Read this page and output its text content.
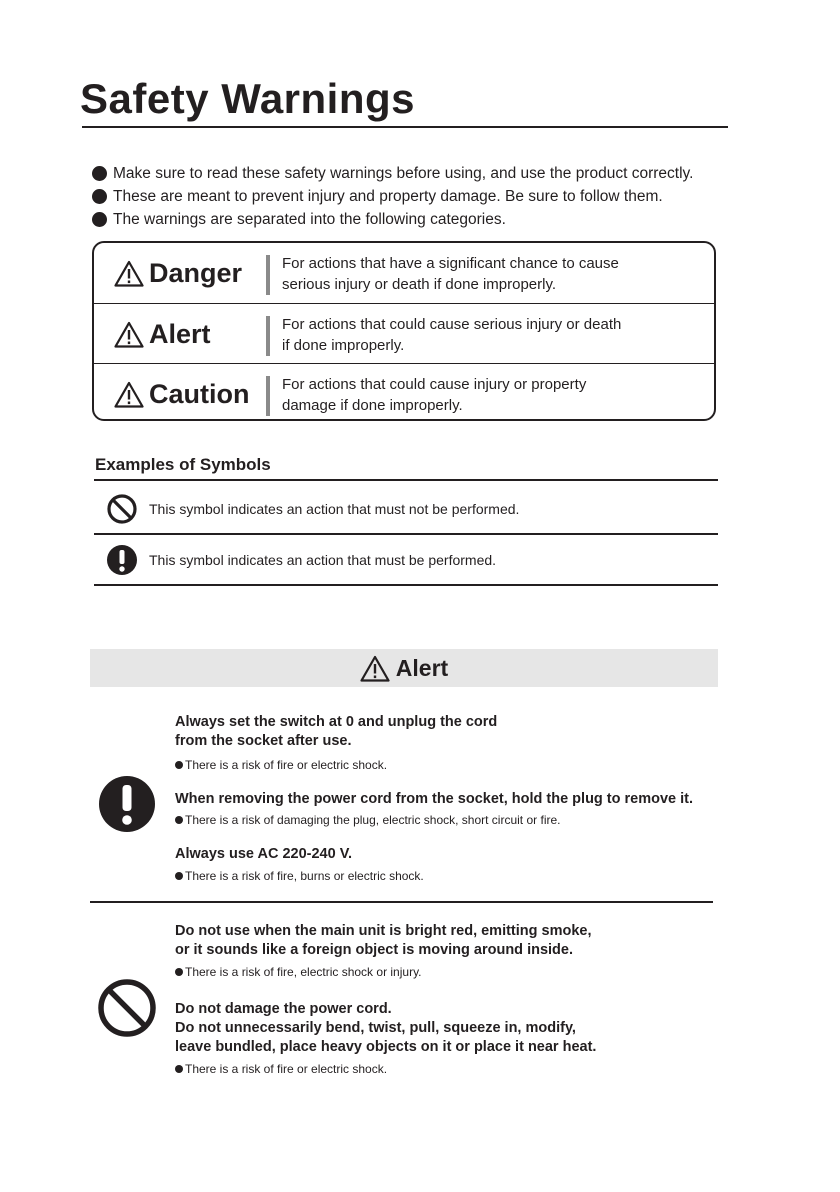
Safety Warnings
Make sure to read these safety warnings before using, and use the product correctly.
These are meant to prevent injury and property damage. Be sure to follow them.
The warnings are separated into the following categories.
Danger	For actions that have a significant chance to cause
serious injury or death if done improperly.
Alert	For actions that could cause serious injury or death
if done improperly.
Caution For actions that could cause injury or property
damage if done improperly.
Examples of Symbols
This symbol indicates an action that must not be performed.
This symbol indicates an action that must be performed.
Alert
Always set the switch at 0 and unplug the cord
from the socket after use.
There is a risk of fire or electric shock.
When removing the power cord from the socket, hold the plug to remove it.
There is a risk of damaging the plug, electric shock, short circuit or fire.
Always use AC 220-240 V.
There is a risk of fire, burns or electric shock.
Do not use when the main unit is bright red, emitting smoke,
or it sounds like a foreign object is moving around inside.
There is a risk of fire, electric shock or injury.
Do not damage the power cord.
Do not unnecessarily bend, twist, pull, squeeze in, modify,
leave bundled, place heavy objects on it or place it near heat.
There is a risk of fire or electric shock.
